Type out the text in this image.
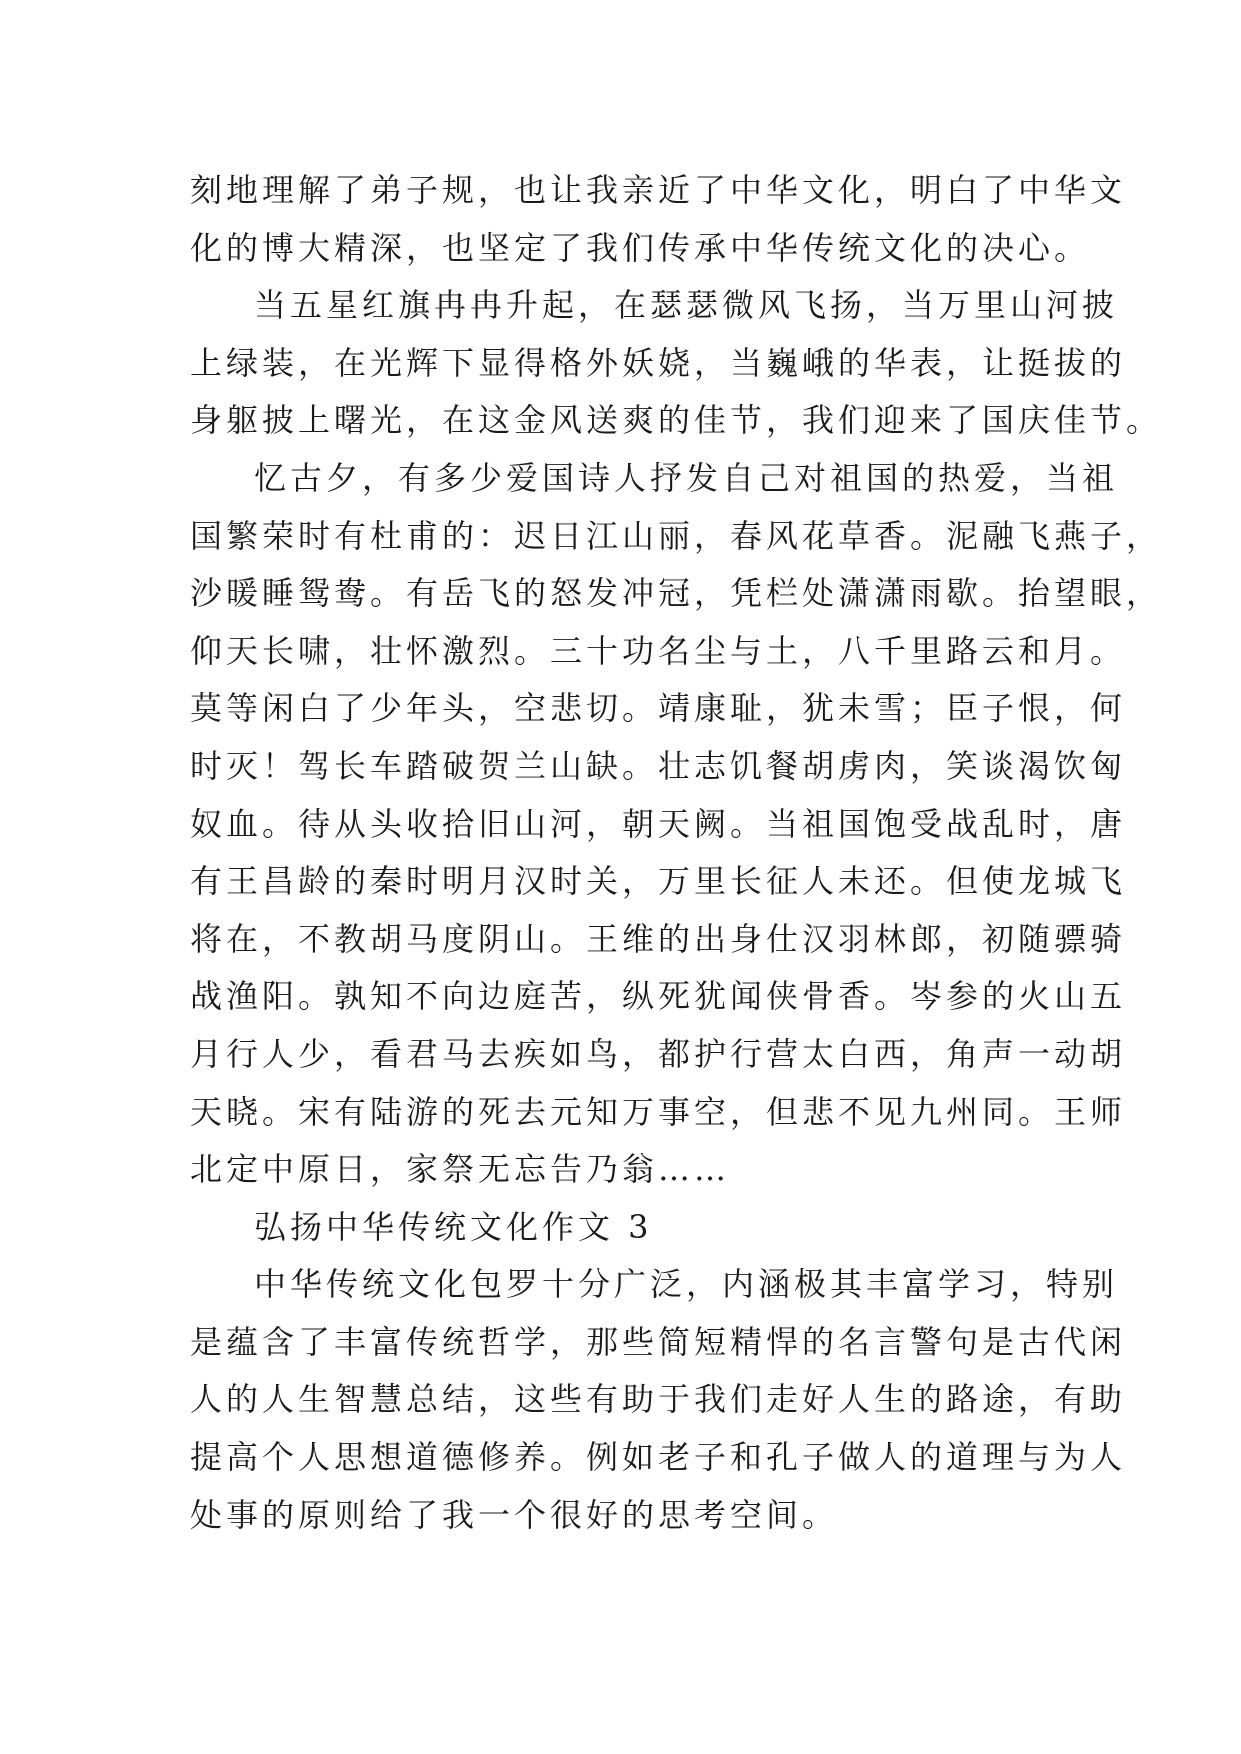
刻地理解了弟子规，也让我亲近了中华文化，明白了中华文
化的博大精深，也坚定了我们传承中华传统文化的决心。
当五星红旗冉冉升起，在瑟瑟微风飞扬，当万里山河披
上绿装，在光辉下显得格外妖娆，当巍峨的华表，让挺拔的
身躯披上曙光，在这金风送爽的佳节，我们迎来了国庆佳节。
忆古夕，有多少爱国诗人抒发自己对祖国的热爱，当祖
国繁荣时有杜甫的：迟日江山丽，春风花草香。泥融飞燕子，
沙暖睡鸳鸯。有岳飞的怒发冲冠，凭栏处潇潇雨歇。抬望眼，
仰天长啸，壮怀激烈。三十功名尘与土，八千里路云和月。
莫等闲白了少年头，空悲切。靖康耻，犹未雪；臣子恨，何
时灭！驾长车踏破贺兰山缺。壮志饥餐胡虏肉，笑谈渴饮匈
奴血。待从头收拾旧山河，朝天阙。当祖国饱受战乱时，唐
有王昌龄的秦时明月汉时关，万里长征人未还。但使龙城飞
将在，不教胡马度阴山。王维的出身仕汉羽林郎，初随骠骑
战渔阳。孰知不向边庭苦，纵死犹闻侠骨香。岑参的火山五
月行人少，看君马去疾如鸟，都护行营太白西，角声一动胡
天晓。宋有陆游的死去元知万事空，但悲不见九州同。王师
北定中原日，家祭无忘告乃翁……
弘扬中华传统文化作文 3
中华传统文化包罗十分广泛，内涵极其丰富学习，特别
是蕴含了丰富传统哲学，那些简短精悍的名言警句是古代闲
人的人生智慧总结，这些有助于我们走好人生的路途，有助
提高个人思想道德修养。例如老子和孔子做人的道理与为人
处事的原则给了我一个很好的思考空间。
